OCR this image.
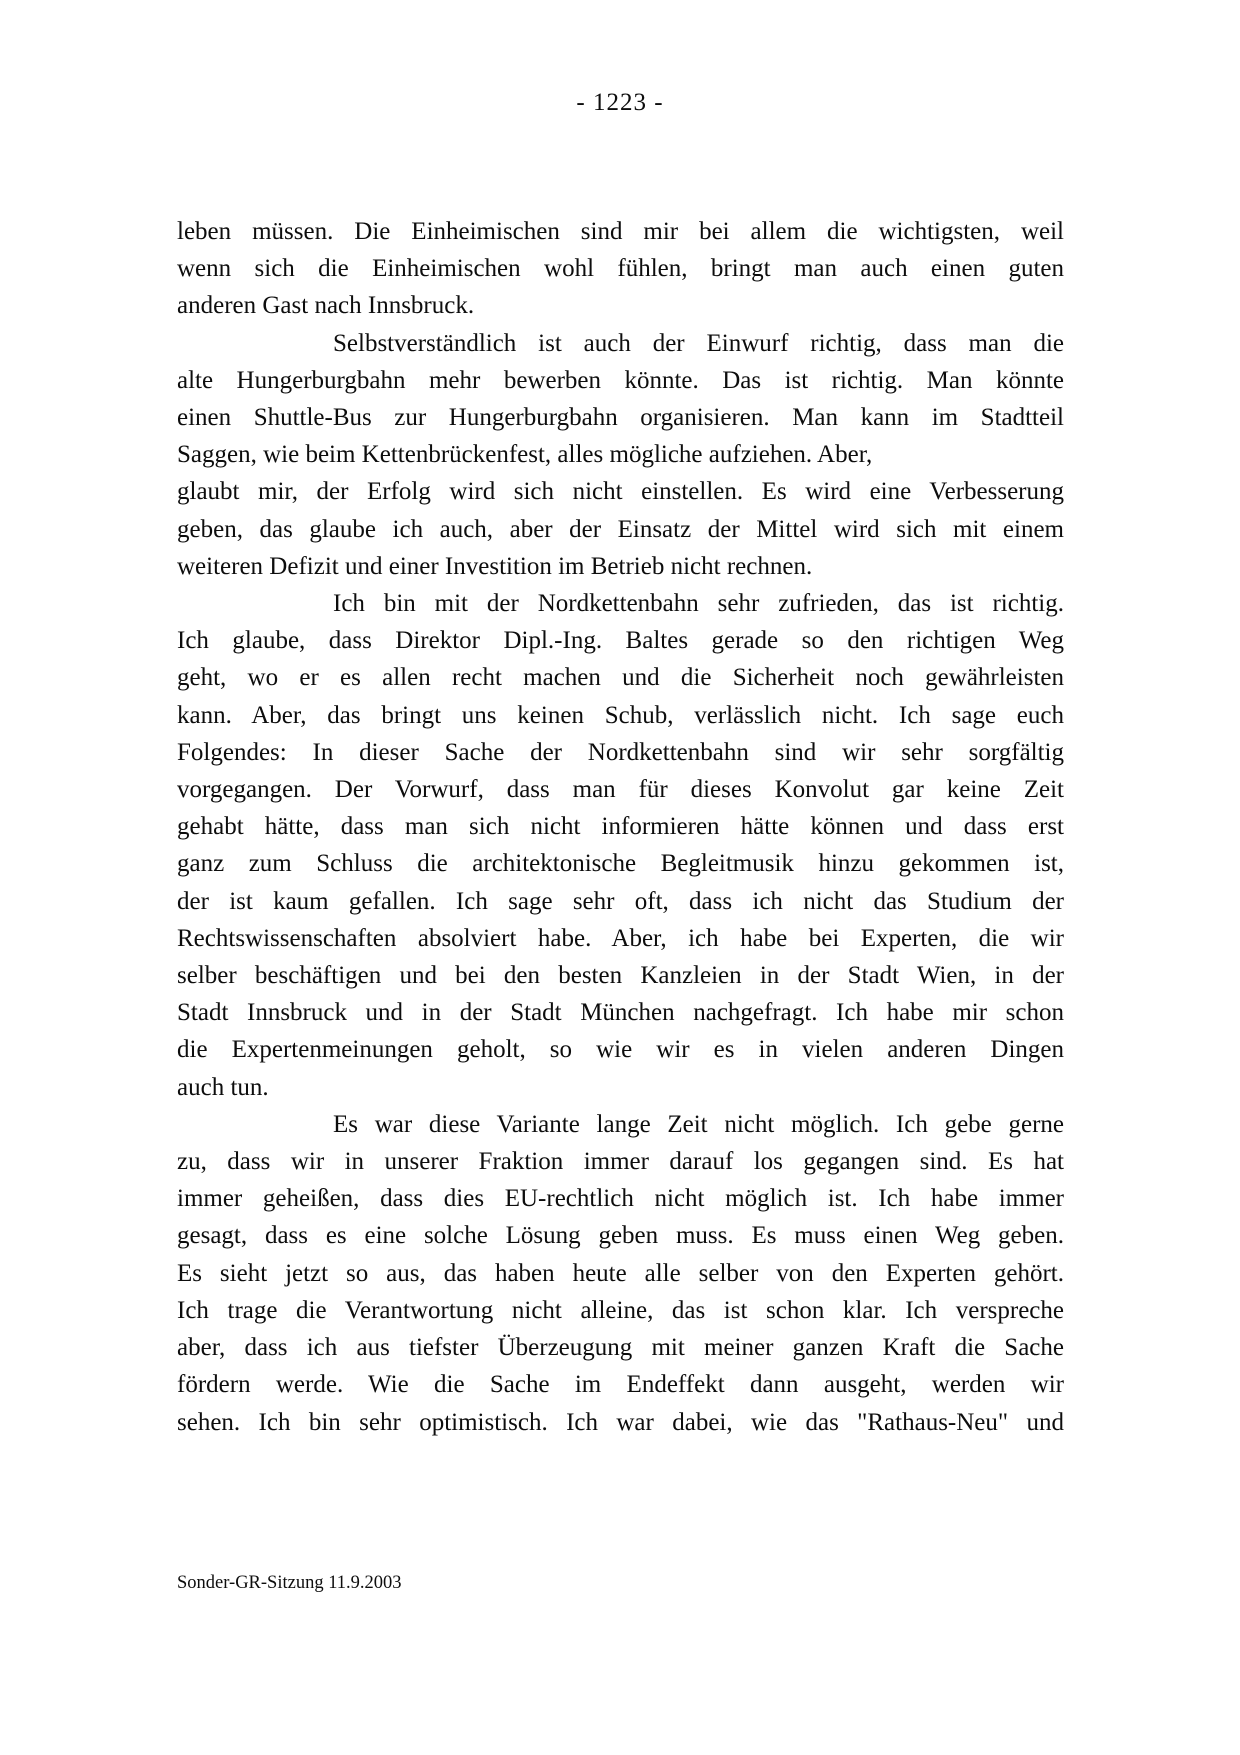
- 1223 -
leben müssen. Die Einheimischen sind mir bei allem die wichtigsten, weil
wenn sich die Einheimischen wohl fühlen, bringt man auch einen guten
anderen Gast nach Innsbruck.
Selbstverständlich ist auch der Einwurf richtig, dass man die
alte Hungerburgbahn mehr bewerben könnte. Das ist richtig. Man könnte
einen Shuttle-Bus zur Hungerburgbahn organisieren. Man kann im Stadtteil
Saggen, wie beim Kettenbrückenfest, alles mögliche aufziehen. Aber,
glaubt mir, der Erfolg wird sich nicht einstellen. Es wird eine Verbesserung
geben, das glaube ich auch, aber der Einsatz der Mittel wird sich mit einem
weiteren Defizit und einer Investition im Betrieb nicht rechnen.
Ich bin mit der Nordkettenbahn sehr zufrieden, das ist richtig.
Ich glaube, dass Direktor Dipl.-Ing. Baltes gerade so den richtigen Weg
geht, wo er es allen recht machen und die Sicherheit noch gewährleisten
kann. Aber, das bringt uns keinen Schub, verlässlich nicht. Ich sage euch
Folgendes: In dieser Sache der Nordkettenbahn sind wir sehr sorgfältig
vorgegangen. Der Vorwurf, dass man für dieses Konvolut gar keine Zeit
gehabt hätte, dass man sich nicht informieren hätte können und dass erst
ganz zum Schluss die architektonische Begleitmusik hinzu gekommen ist,
der ist kaum gefallen. Ich sage sehr oft, dass ich nicht das Studium der
Rechtswissenschaften absolviert habe. Aber, ich habe bei Experten, die wir
selber beschäftigen und bei den besten Kanzleien in der Stadt Wien, in der
Stadt Innsbruck und in der Stadt München nachgefragt. Ich habe mir schon
die Expertenmeinungen geholt, so wie wir es in vielen anderen Dingen
auch tun.
Es war diese Variante lange Zeit nicht möglich. Ich gebe gerne
zu, dass wir in unserer Fraktion immer darauf los gegangen sind. Es hat
immer geheißen, dass dies EU-rechtlich nicht möglich ist. Ich habe immer
gesagt, dass es eine solche Lösung geben muss. Es muss einen Weg geben.
Es sieht jetzt so aus, das haben heute alle selber von den Experten gehört.
Ich trage die Verantwortung nicht alleine, das ist schon klar. Ich verspreche
aber, dass ich aus tiefster Überzeugung mit meiner ganzen Kraft die Sache
fördern werde. Wie die Sache im Endeffekt dann ausgeht, werden wir
sehen. Ich bin sehr optimistisch. Ich war dabei, wie das "Rathaus-Neu" und
Sonder-GR-Sitzung 11.9.2003
